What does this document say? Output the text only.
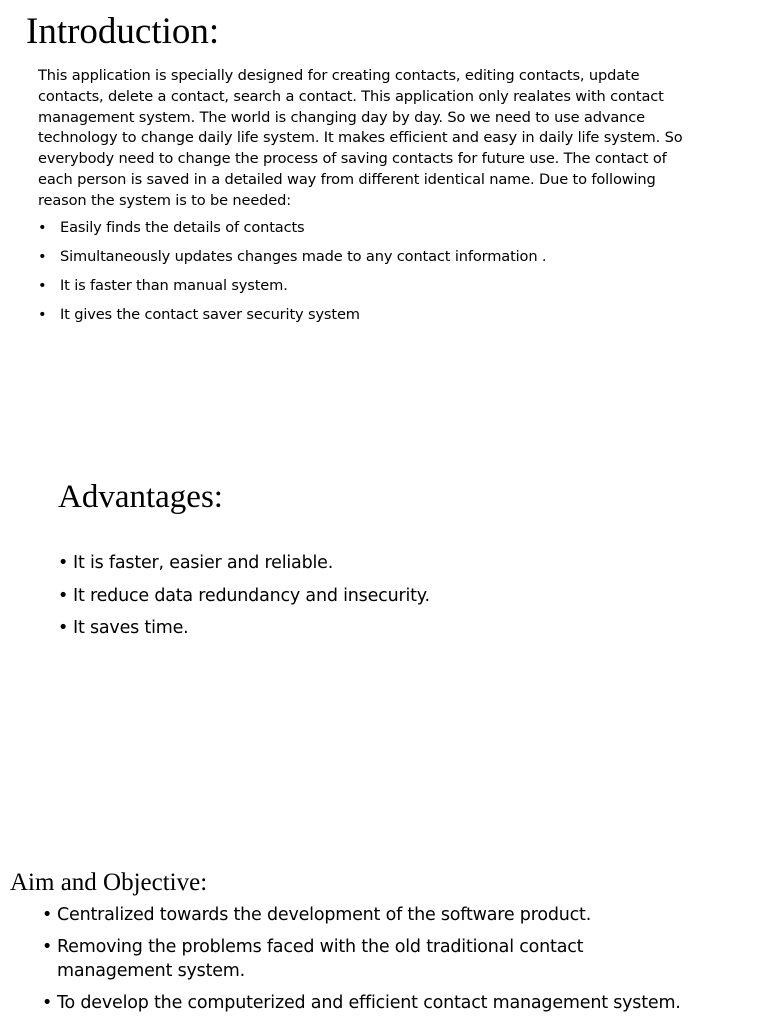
Introduction:

This application is specially designed for creating contacts, editing contacts, update
contacts, delete a contact, search a contact. This application only realates with contact
management system. The world is changing day by day. So we need to use advance
technology to change daily life system. It makes efficient and easy in daily life system. So
everybody need to change the process of saving contacts for future use. The contact of
each person is saved in a detailed way from different identical name. Due to following
reason the system is to be needed:

• Easily finds the details of contacts
• Simultaneously updates changes made to any contact information .
• It is faster than manual system.
• It gives the contact saver security system
Advantages:
• It is faster, easier and reliable.
• It reduce data redundancy and insecurity.
• It saves time.
Aim and Objective:
• Centralized towards the development of the software product.
• Removing the problems faced with the old traditional contact
management system.
• To develop the computerized and efficient contact management system.
